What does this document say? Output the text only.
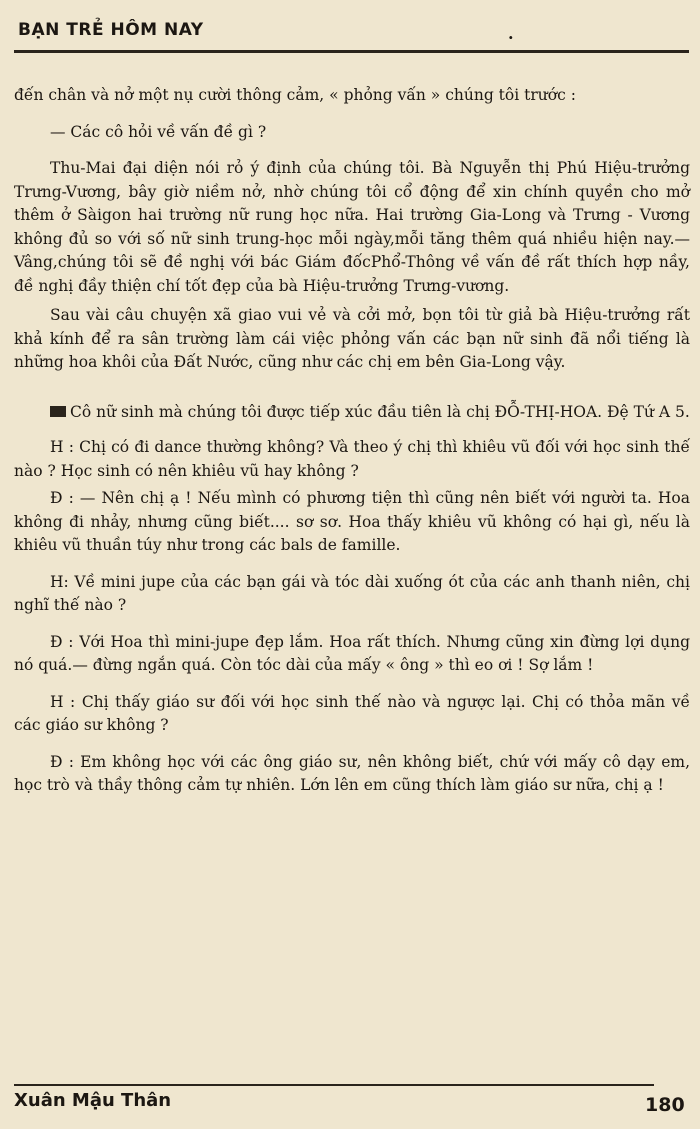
BẠN TRẺ HÔM NAY	.

đến chân và nở một nụ cười thông cảm, « phỏng vấn » chúng tôi trước :

— Các cô hỏi về vấn đề gì ?

Thu-Mai đại diện nói rỏ ý định của chúng tôi. Bà Nguyễn thị Phú Hiệu-trưởng Trưng-Vương, bây giờ niềm nở, nhờ chúng tôi cổ động để xin chính quyền cho mở thêm ở Sàigon hai trường nữ rung học nữa. Hai trường Gia-Long và Trưng - Vương không đủ so với số nữ sinh trung-học mỗi ngày,mỗi tăng thêm quá nhiều hiện nay.— Vâng,chúng tôi sẽ đề nghị với bác Giám đốcPhổ-Thông về vấn đề rất thích hợp nầy, đề nghị đầy thiện chí tốt đẹp của bà Hiệu-trưởng Trưng-vương.

Sau vài câu chuyện xã giao vui vẻ và cởi mở, bọn tôi từ giả bà Hiệu-trưởng rất khả kính để ra sân trường làm cái việc phỏng vấn các bạn nữ sinh đã nổi tiếng là những hoa khôi của Đất Nước, cũng như các chị em bên Gia-Long vậy.

Cô nữ sinh mà chúng tôi được tiếp xúc đầu tiên là chị ĐỖ-THỊ-HOA. Đệ Tứ A 5.

H : Chị có đi dance thường không? Và theo ý chị thì khiêu vũ đối với học sinh thế nào ? Học sinh có nên khiêu vũ hay không ?

Đ : — Nên chị ạ ! Nếu mình có phương tiện thì cũng nên biết với người ta. Hoa không đi nhảy, nhưng cũng biết.... sơ sơ. Hoa thấy khiêu vũ không có hại gì, nếu là khiêu vũ thuần túy như trong các bals de famille.

H: Về mini jupe của các bạn gái và tóc dài xuống ót của các anh thanh niên, chị nghĩ thế nào ?

Đ : Với Hoa thì mini-jupe đẹp lắm. Hoa rất thích. Nhưng cũng xin đừng lợi dụng nó quá.— đừng ngắn quá. Còn tóc dài của mấy « ông » thì eo ơi ! Sợ lắm !

H : Chị thấy giáo sư đối với học sinh thế nào và ngược lại. Chị có thỏa mãn về các giáo sư không ?

Đ : Em không học với các ông giáo sư, nên không biết, chứ với mấy cô dạy em, học trò và thầy thông cảm tự nhiên. Lớn lên em cũng thích làm giáo sư nữa, chị ạ !

Xuân Mậu Thân	180
